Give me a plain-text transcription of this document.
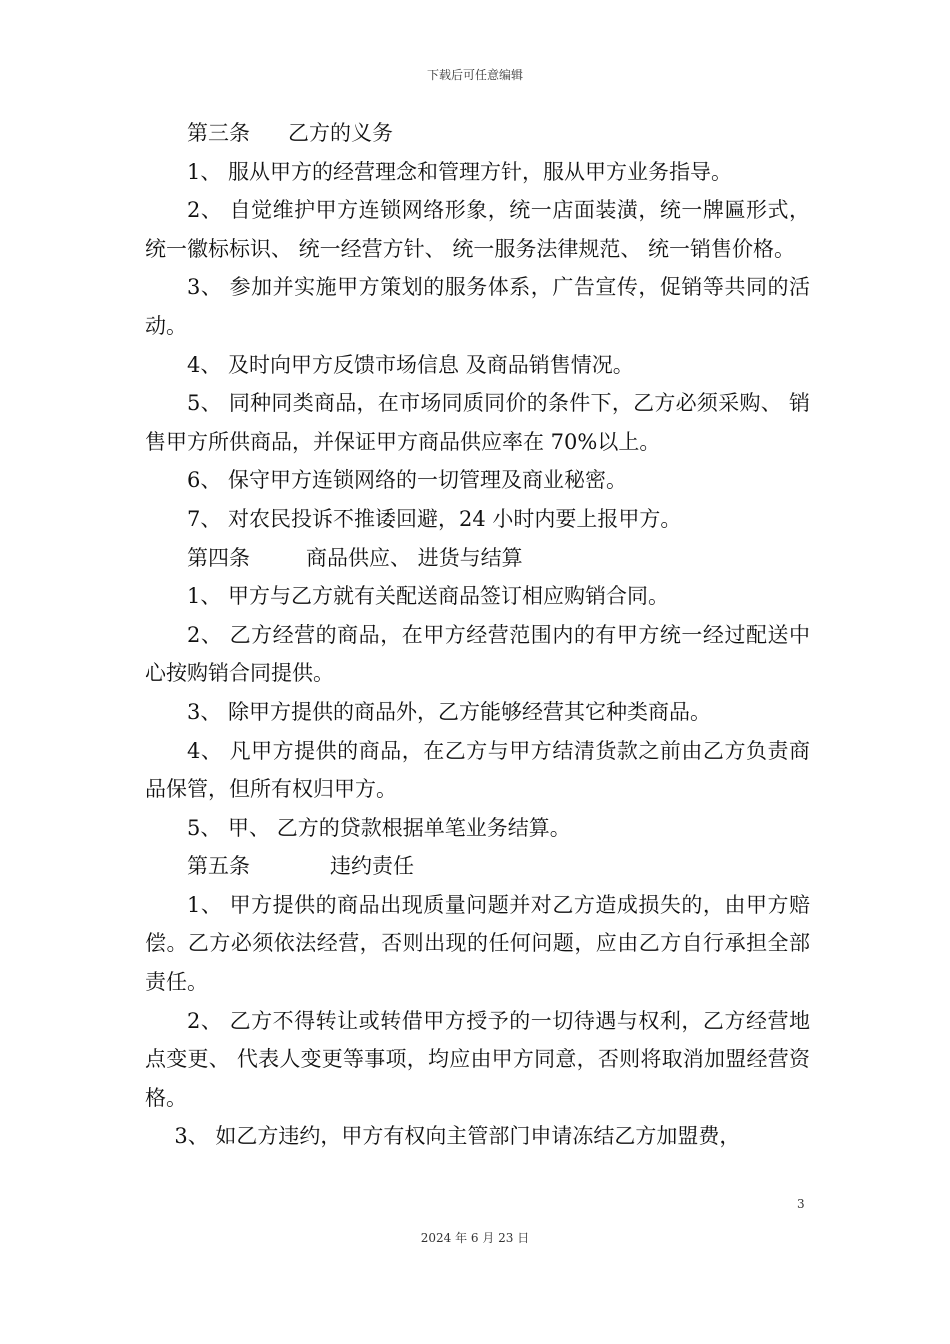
下载后可任意编辑

第三条 乙方的义务

1、 服从甲方的经营理念和管理方针，服从甲方业务指导。

2、 自觉维护甲方连锁网络形象，统一店面装潢，统一牌匾形式，统一徽标标识、 统一经营方针、 统一服务法律规范、 统一销售价格。

3、 参加并实施甲方策划的服务体系，广告宣传，促销等共同的活动。

4、 及时向甲方反馈市场信息 及商品销售情况。

5、 同种同类商品，在市场同质同价的条件下，乙方必须采购、 销售甲方所供商品，并保证甲方商品供应率在 70%以上。

6、 保守甲方连锁网络的一切管理及商业秘密。

7、 对农民投诉不推诿回避，24 小时内要上报甲方。

第四条	商品供应、 进货与结算

1、 甲方与乙方就有关配送商品签订相应购销合同。

2、 乙方经营的商品，在甲方经营范围内的有甲方统一经过配送中心按购销合同提供。

3、 除甲方提供的商品外，乙方能够经营其它种类商品。

4、 凡甲方提供的商品，在乙方与甲方结清货款之前由乙方负责商品保管，但所有权归甲方。

5、 甲、 乙方的贷款根据单笔业务结算。

第五条	违约责任

1、 甲方提供的商品出现质量问题并对乙方造成损失的，由甲方赔偿。乙方必须依法经营，否则出现的任何问题，应由乙方自行承担全部责任。

2、 乙方不得转让或转借甲方授予的一切待遇与权利，乙方经营地点变更、 代表人变更等事项，均应由甲方同意，否则将取消加盟经营资格。

3、 如乙方违约，甲方有权向主管部门申请冻结乙方加盟费，

3
2024 年 6 月 23 日
